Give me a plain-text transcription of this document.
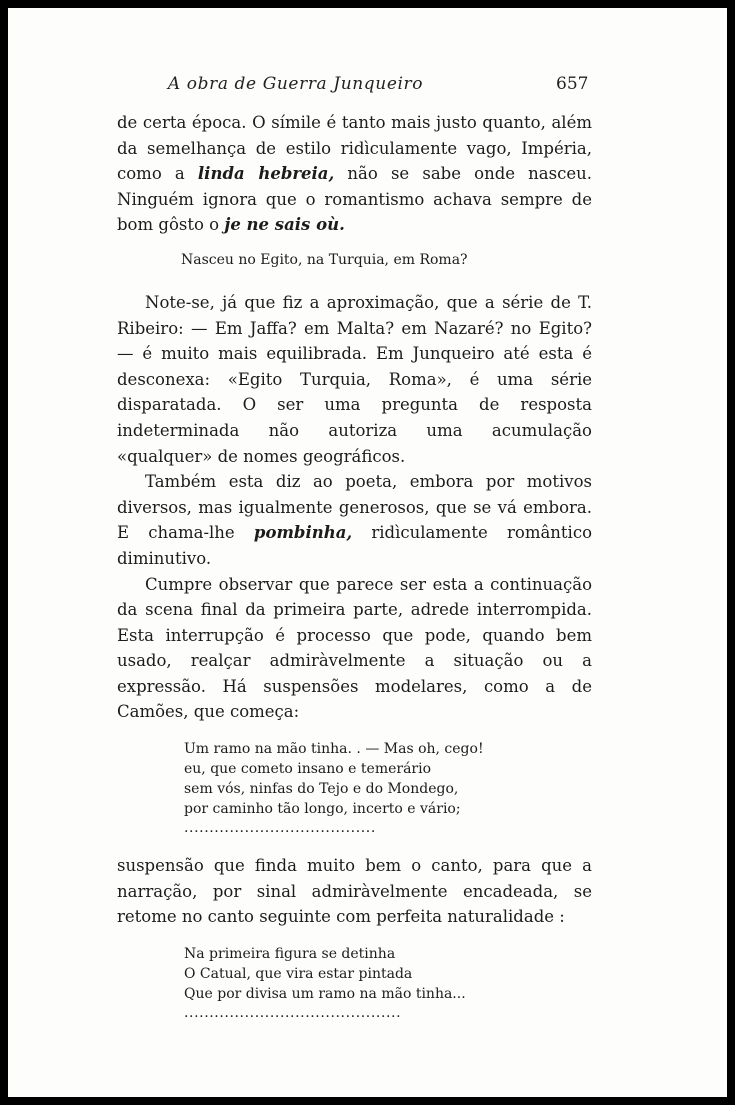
A obra de Guerra Junqueiro	657

de certa época. O símile é tanto mais justo quanto, além da semelhança de estilo ridìculamente vago, Impéria, como a linda hebreia, não se sabe onde nasceu. Ninguém ignora que o romantismo achava sempre de bom gôsto o je ne sais où.

Nasceu no Egito, na Turquia, em Roma?

Note-se, já que fiz a aproximação, que a série de T. Ribeiro: — Em Jaffa? em Malta? em Nazaré? no Egito? — é muito mais equilibrada. Em Junqueiro até esta é desconexa: «Egito Turquia, Roma», é uma série disparatada. O ser uma pregunta de resposta indeterminada não autoriza uma acumulação «qualquer» de nomes geográficos.

Também esta diz ao poeta, embora por motivos diversos, mas igualmente generosos, que se vá embora. E chama-lhe pombinha, ridìculamente romântico diminutivo.

Cumpre observar que parece ser esta a continuação da scena final da primeira parte, adrede interrompida. Esta interrupção é processo que pode, quando bem usado, realçar admiràvelmente a situação ou a expressão. Há suspensões modelares, como a de Camões, que começa:

Um ramo na mão tinha. . — Mas oh, cego!

eu, que cometo insano e temerário

sem vós, ninfas do Tejo e do Mondego,

por caminho tão longo, incerto e vário;

......................................

suspensão que finda muito bem o canto, para que a narração, por sinal admiràvelmente encadeada, se retome no canto seguinte com perfeita naturalidade :

Na primeira figura se detinha

O Catual, que vira estar pintada

Que por divisa um ramo na mão tinha...

...........................................
